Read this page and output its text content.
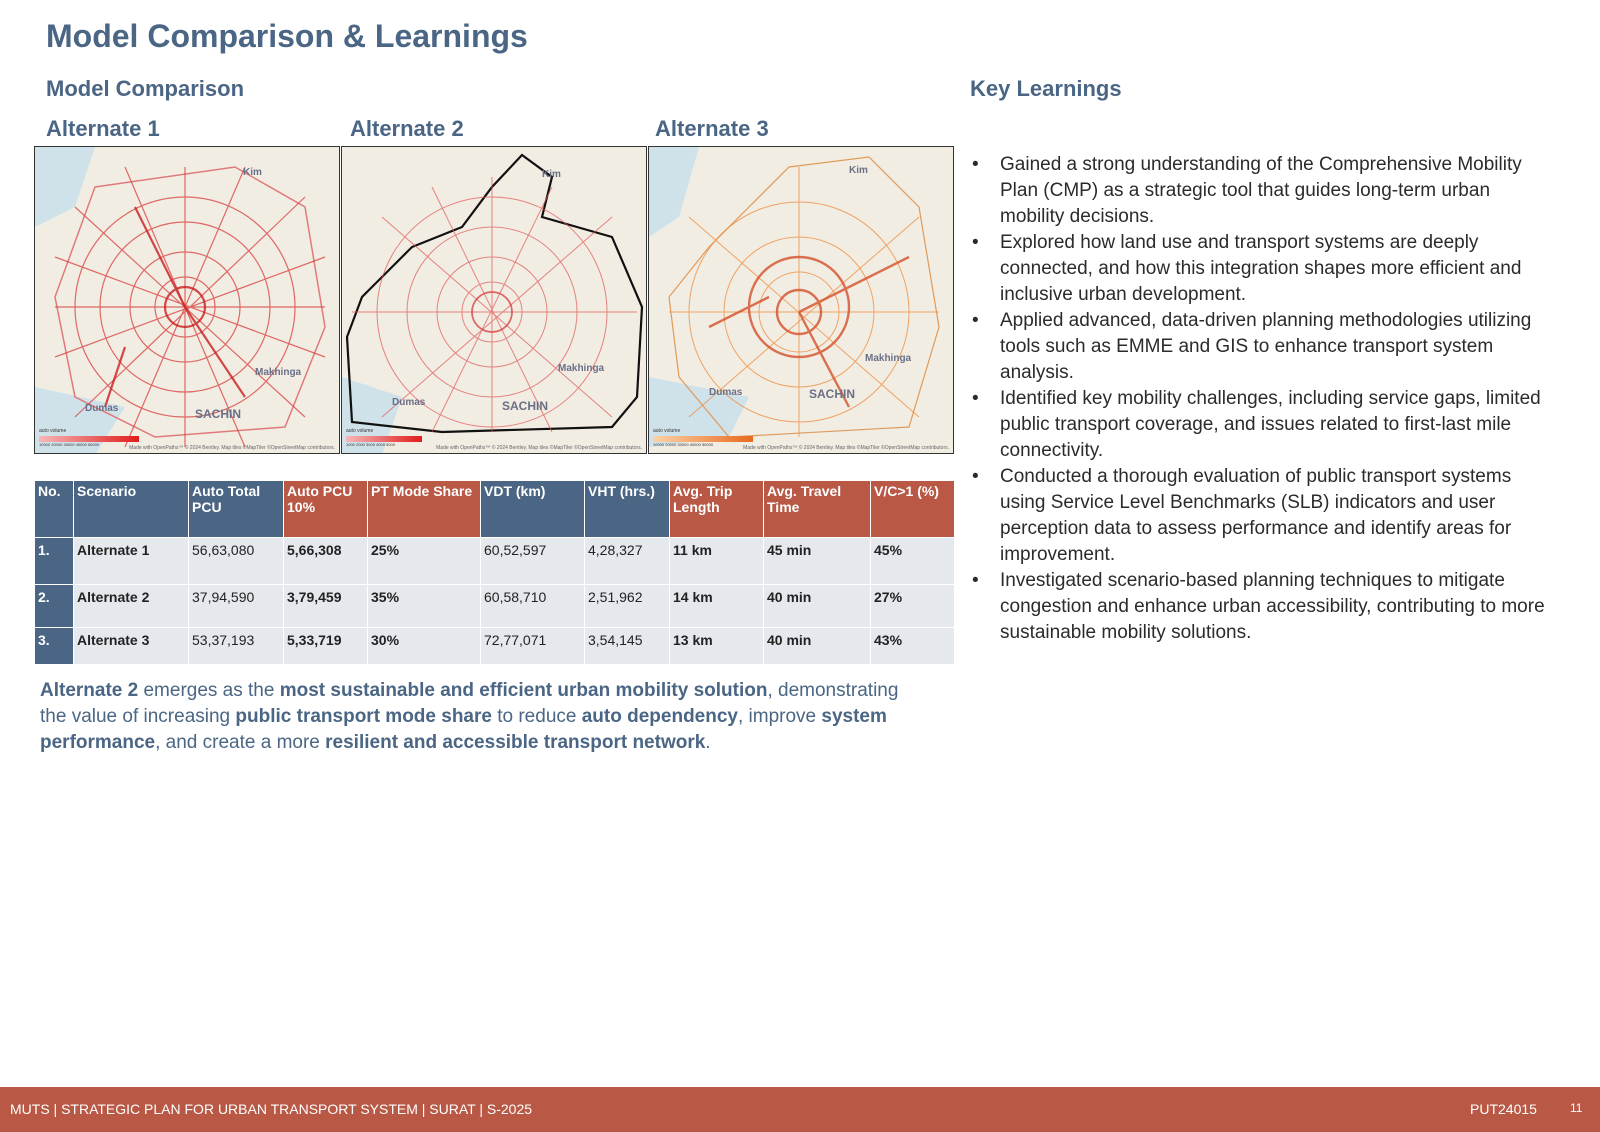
Model Comparison & Learnings
Model Comparison	Key Learnings
Alternate 1	Alternate 2	Alternate 3
Kim
Makhinga
Dumas	SACHIN
auto volume
10000 20000 30000 40000 50000
Made with OpenPaths™ © 2024 Bentley. Map tiles ©MapTiler ©OpenStreetMap contributors.
Kim
Makhinga
Dumas	SACHIN
auto volume
1000 2000 3000 4000 5000
Made with OpenPaths™ © 2024 Bentley. Map tiles ©MapTiler ©OpenStreetMap contributors.
Kim
Makhinga
Dumas	SACHIN
auto volume
10000 20000 30000 40000 50000
Made with OpenPaths™ © 2024 Bentley. Map tiles ©MapTiler ©OpenStreetMap contributors.
No.	Scenario	Auto Total PCU	Auto PCU 10%	PT Mode Share	VDT (km)	VHT (hrs.)	Avg. Trip Length	Avg. Travel Time	V/C>1 (%)
1.	Alternate 1	56,63,080	5,66,308	25%	60,52,597	4,28,327	11 km	45 min	45%
2.	Alternate 2	37,94,590	3,79,459	35%	60,58,710	2,51,962	14 km	40 min	27%
3.	Alternate 3	53,37,193	5,33,719	30%	72,77,071	3,54,145	13 km	40 min	43%
Alternate 2 emerges as the most sustainable and efficient urban mobility solution, demonstrating the value of increasing public transport mode share to reduce auto dependency, improve system performance, and create a more resilient and accessible transport network.
• Gained a strong understanding of the Comprehensive Mobility Plan (CMP) as a strategic tool that guides long-term urban mobility decisions.
• Explored how land use and transport systems are deeply connected, and how this integration shapes more efficient and inclusive urban development.
• Applied advanced, data-driven planning methodologies utilizing tools such as EMME and GIS to enhance transport system analysis.
• Identified key mobility challenges, including service gaps, limited public transport coverage, and issues related to first-last mile connectivity.
• Conducted a thorough evaluation of public transport systems using Service Level Benchmarks (SLB) indicators and user perception data to assess performance and identify areas for improvement.
• Investigated scenario-based planning techniques to mitigate congestion and enhance urban accessibility, contributing to more sustainable mobility solutions.
MUTS | STRATEGIC PLAN FOR URBAN TRANSPORT SYSTEM | SURAT | S-2025	PUT24015	11
